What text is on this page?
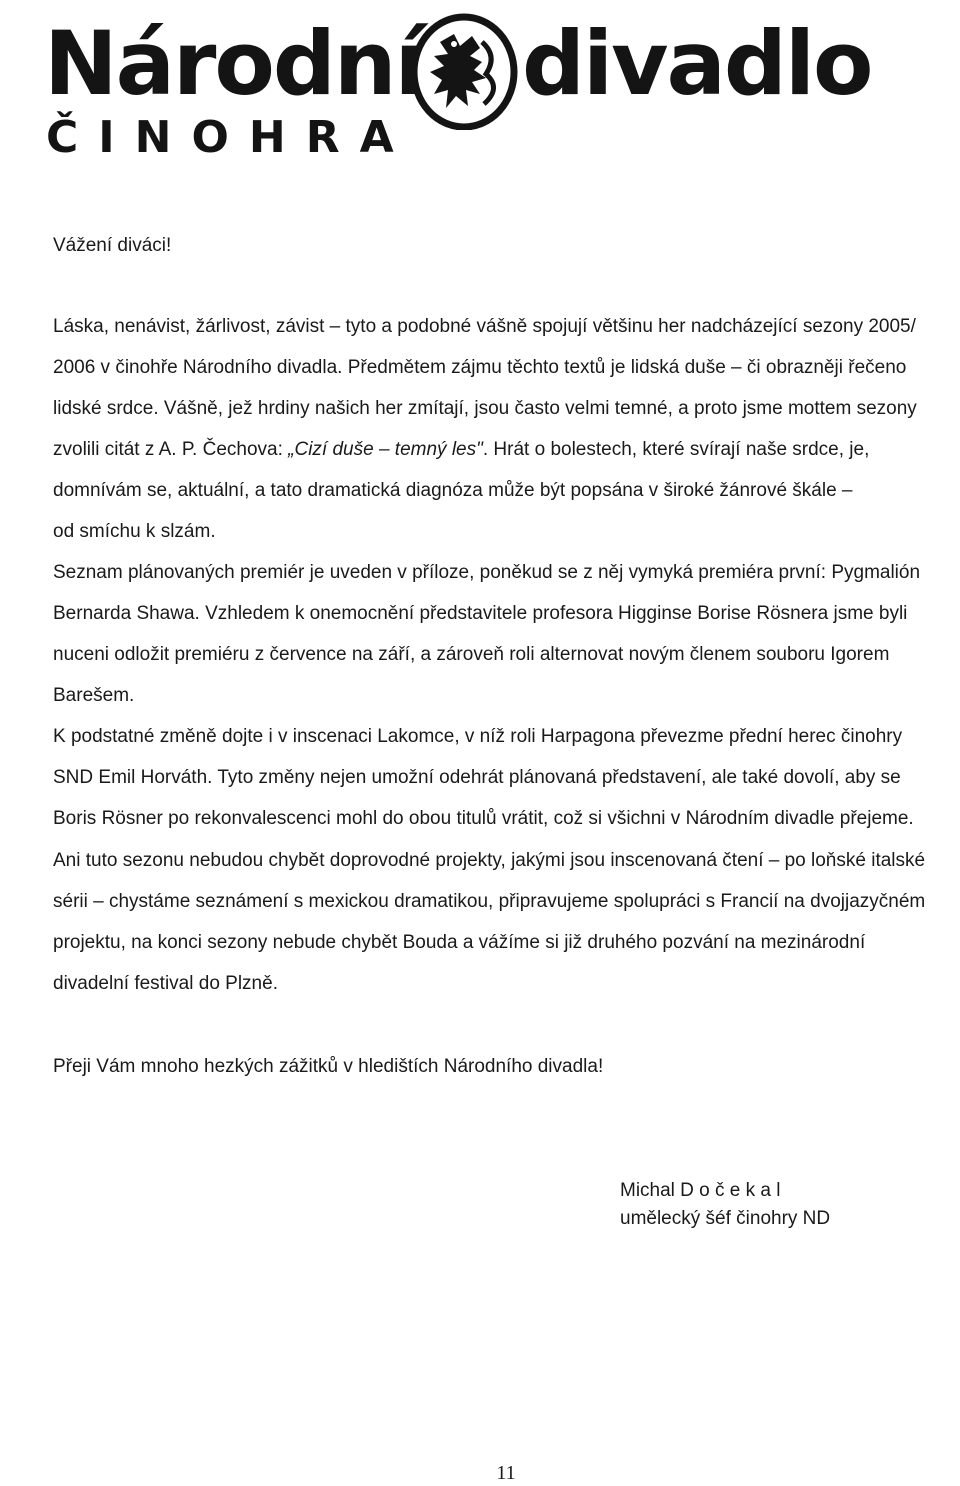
Národní divadlo
ČINOHRA
Vážení diváci!
Láska, nenávist, žárlivost, závist – tyto a podobné vášně spojují většinu her nadcházející sezony 2005/
2006 v činohře Národního divadla. Předmětem zájmu těchto textů je lidská duše – či obrazněji řečeno
lidské srdce. Vášně, jež hrdiny našich her zmítají, jsou často velmi temné, a proto jsme mottem sezony
zvolili citát z A. P. Čechova: „Cizí duše – temný les". Hrát o bolestech, které svírají naše srdce, je,
domnívám se, aktuální, a tato dramatická diagnóza může být popsána v široké žánrové škále –
od smíchu k slzám.
Seznam plánovaných premiér je uveden v příloze, poněkud se z něj vymyká premiéra první: Pygmalión
Bernarda Shawa. Vzhledem k onemocnění představitele profesora Higginse Borise Rösnera jsme byli
nuceni odložit premiéru z července na září, a zároveň roli alternovat novým členem souboru Igorem
Barešem.
K podstatné změně dojte i v inscenaci Lakomce, v níž roli Harpagona převezme přední herec činohry
SND Emil Horváth. Tyto změny nejen umožní odehrát plánovaná představení, ale také dovolí, aby se
Boris Rösner po rekonvalescenci mohl do obou titulů vrátit, což si všichni v Národním divadle přejeme.
Ani tuto sezonu nebudou chybět doprovodné projekty, jakými jsou inscenovaná čtení – po loňské italské
sérii – chystáme seznámení s mexickou dramatikou, připravujeme spolupráci s Francií na dvojjazyčném
projektu, na konci sezony nebude chybět Bouda a vážíme si již druhého pozvání na mezinárodní
divadelní festival do Plzně.
Přeji Vám mnoho hezkých zážitků v hledištích Národního divadla!
Michal D o č e k a l
umělecký šéf činohry ND
11
